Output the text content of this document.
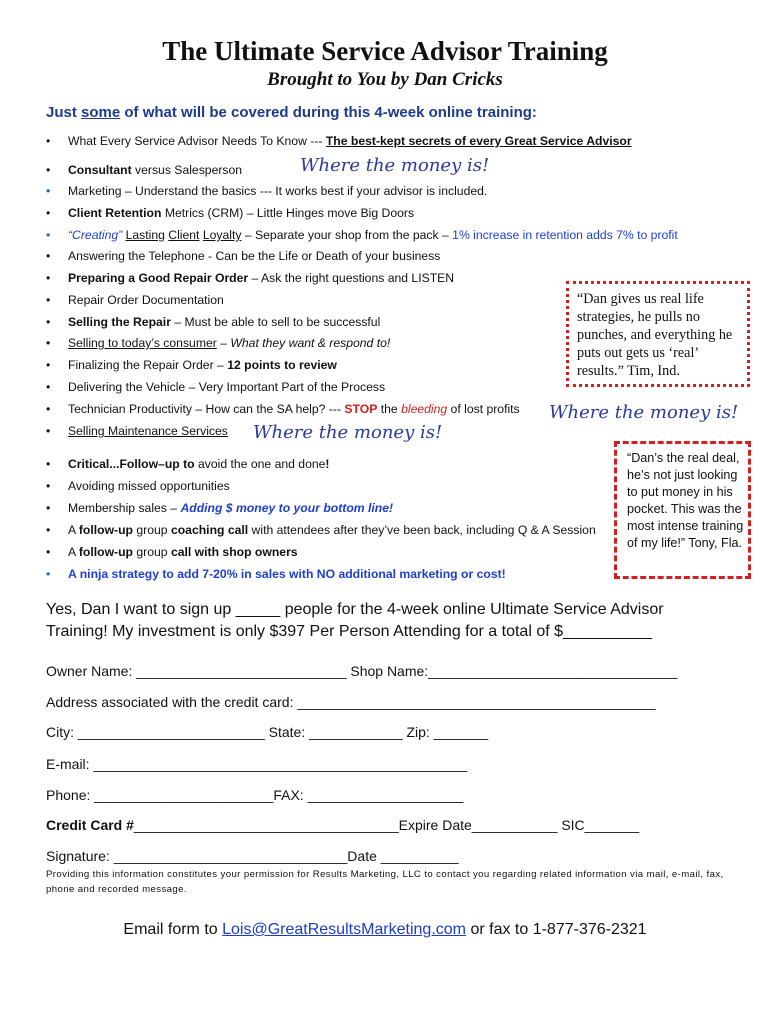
The Ultimate Service Advisor Training
Brought to You by Dan Cricks
Just some of what will be covered during this 4-week online training:
• What Every Service Advisor Needs To Know --- The best-kept secrets of every Great Service Advisor
• Consultant versus Salesperson
• Marketing – Understand the basics --- It works best if your advisor is included.
• Client Retention Metrics (CRM) – Little Hinges move Big Doors
• “Creating” Lasting Client Loyalty – Separate your shop from the pack – 1% increase in retention adds 7% to profit
• Answering the Telephone - Can be the Life or Death of your business
• Preparing a Good Repair Order – Ask the right questions and LISTEN
• Repair Order Documentation
• Selling the Repair – Must be able to sell to be successful
• Selling to today’s consumer – What they want & respond to!
• Finalizing the Repair Order – 12 points to review
• Delivering the Vehicle – Very Important Part of the Process
• Technician Productivity – How can the SA help? --- STOP the bleeding of lost profits
• Selling Maintenance Services
• Critical...Follow–up to avoid the one and done!
• Avoiding missed opportunities
• Membership sales – Adding $ money to your bottom line!
• A follow-up group coaching call with attendees after they’ve been back, including Q & A Session
• A follow-up group call with shop owners
• A ninja strategy to add 7-20% in sales with NO additional marketing or cost!
Where the money is!
Where the money is!
Where the money is!
“Dan gives us real life strategies, he pulls no punches, and everything he puts out gets us ‘real’ results.” Tim, Ind.
“Dan’s the real deal, he’s not just looking to put money in his pocket. This was the most intense training of my life!” Tony, Fla.
Yes, Dan I want to sign up _____ people for the 4-week online Ultimate Service Advisor
Training! My investment is only $397 Per Person Attending for a total of $__________
Owner Name: ___________________________ Shop Name:________________________________
Address associated with the credit card: ______________________________________________
City: ________________________ State: ____________ Zip: _______
E-mail: ________________________________________________
Phone: _______________________FAX: ____________________
Credit Card #__________________________________Expire Date___________ SIC_______
Signature: ______________________________Date __________
Providing this information constitutes your permission for Results Marketing, LLC to contact you regarding related information via mail, e-mail, fax, phone and recorded message.
Email form to Lois@GreatResultsMarketing.com or fax to 1-877-376-2321
